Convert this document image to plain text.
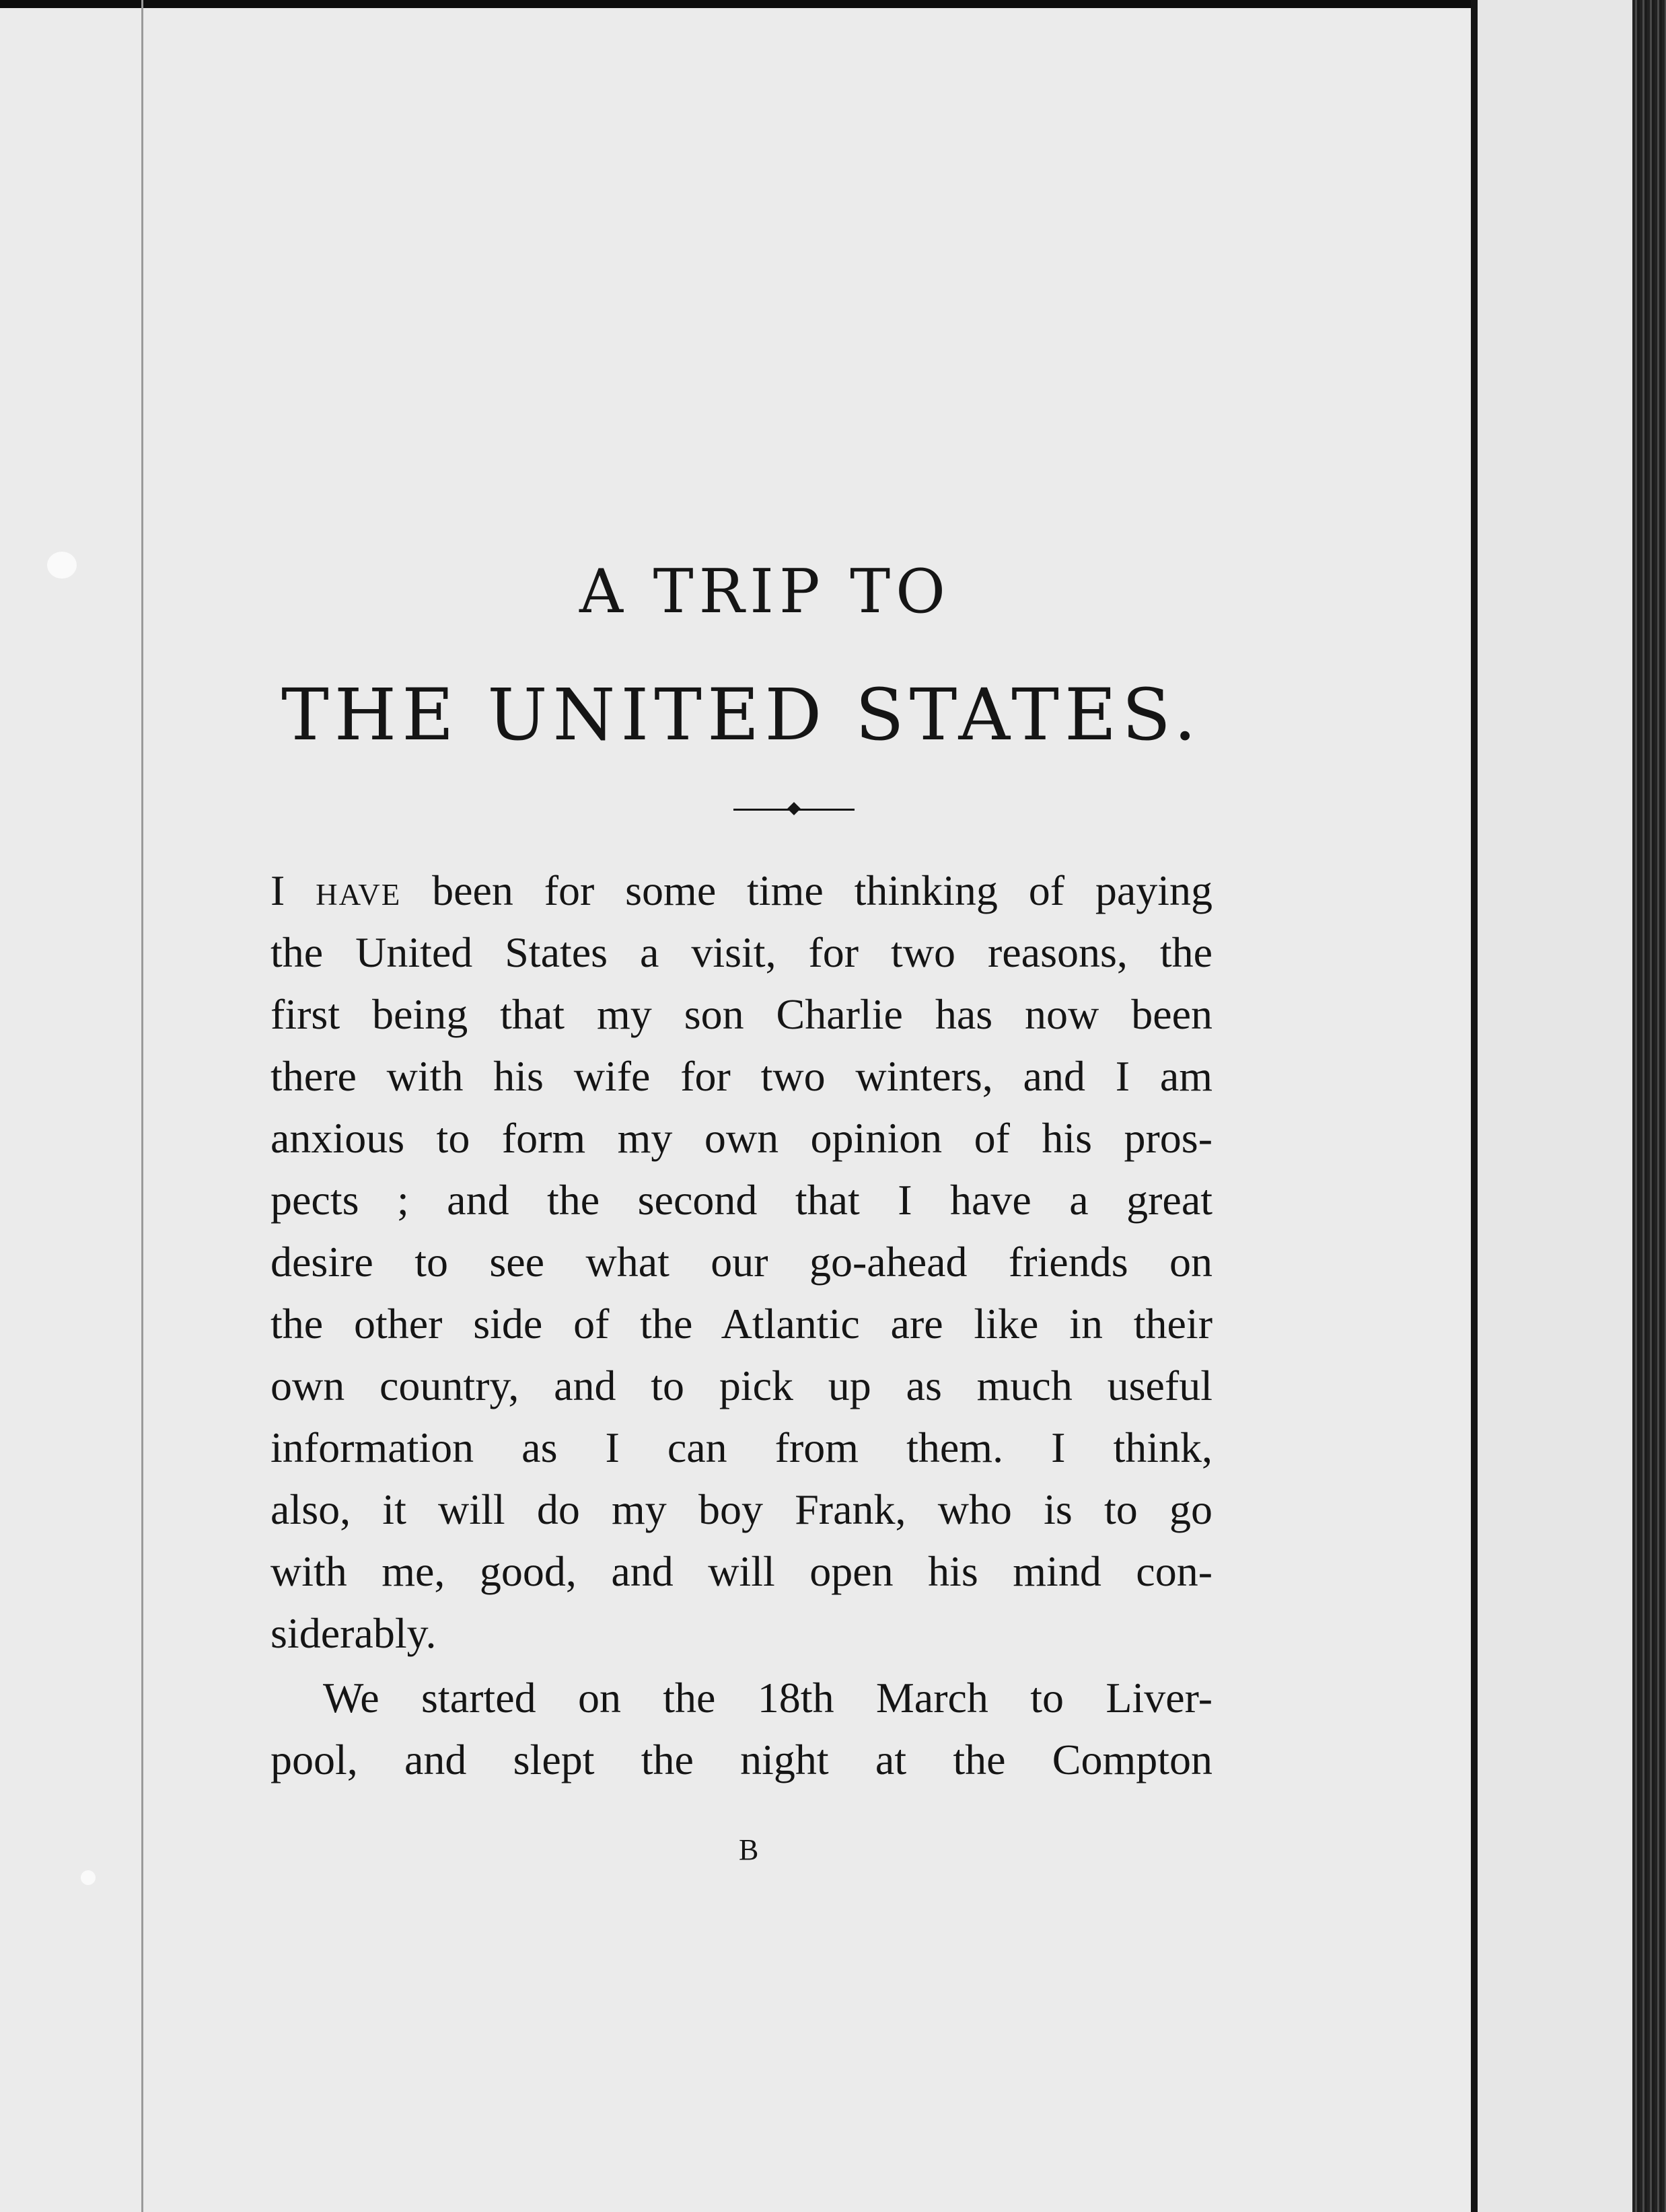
A TRIP TO
THE UNITED STATES.
I have been for some time thinking of paying
the United States a visit, for two reasons, the
first being that my son Charlie has now been
there with his wife for two winters, and I am
anxious to form my own opinion of his pros-
pects ; and the second that I have a great
desire to see what our go-ahead friends on
the other side of the Atlantic are like in their
own country, and to pick up as much useful
information as I can from them. I think,
also, it will do my boy Frank, who is to go
with me, good, and will open his mind con-
siderably.
We started on the 18th March to Liver-
pool, and slept the night at the Compton
B
